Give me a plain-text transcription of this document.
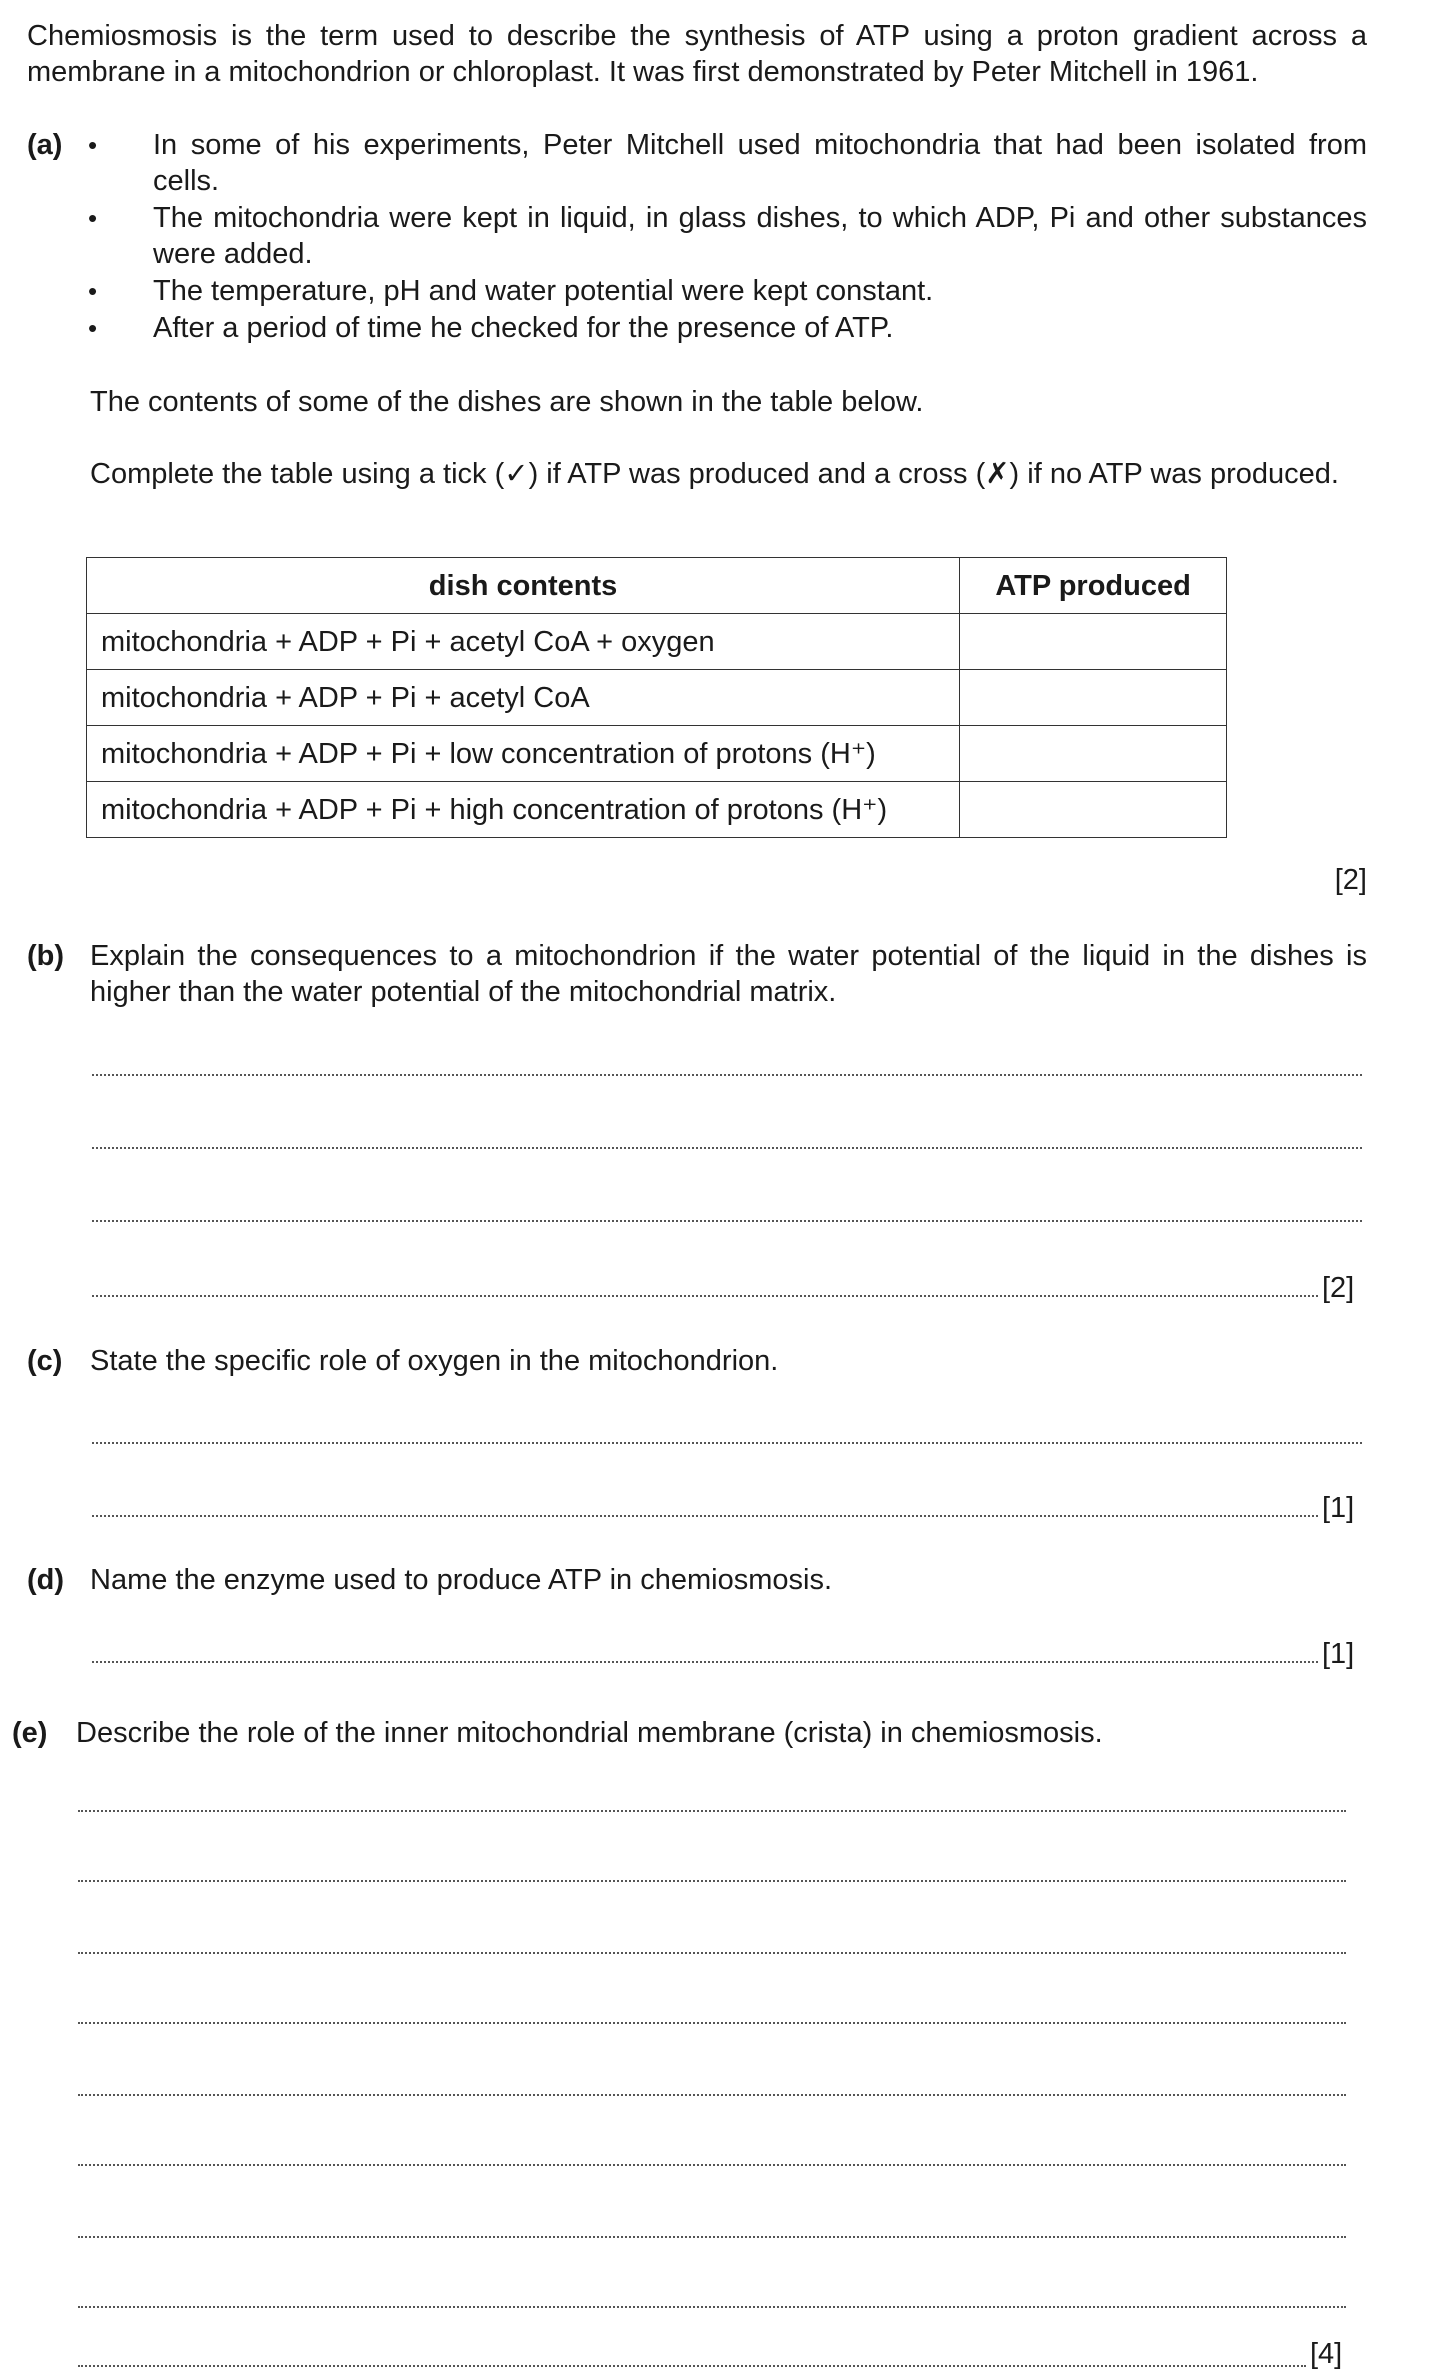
Chemiosmosis is the term used to describe the synthesis of ATP using a proton gradient across a membrane in a mitochondrion or chloroplast. It was first demonstrated by Peter Mitchell in 1961.
(a) • In some of his experiments, Peter Mitchell used mitochondria that had been isolated from cells.
• The mitochondria were kept in liquid, in glass dishes, to which ADP, Pi and other substances were added.
• The temperature, pH and water potential were kept constant.
• After a period of time he checked for the presence of ATP.
The contents of some of the dishes are shown in the table below.
Complete the table using a tick (✓) if ATP was produced and a cross (✗) if no ATP was produced.
dish contents	ATP produced
mitochondria + ADP + Pi + acetyl CoA + oxygen	
mitochondria + ADP + Pi + acetyl CoA	
mitochondria + ADP + Pi + low concentration of protons (H⁺)	
mitochondria + ADP + Pi + high concentration of protons (H⁺)	
[2]
(b) Explain the consequences to a mitochondrion if the water potential of the liquid in the dishes is higher than the water potential of the mitochondrial matrix.
[2]
(c) State the specific role of oxygen in the mitochondrion.
[1]
(d) Name the enzyme used to produce ATP in chemiosmosis.
[1]
(e) Describe the role of the inner mitochondrial membrane (crista) in chemiosmosis.
[4]
